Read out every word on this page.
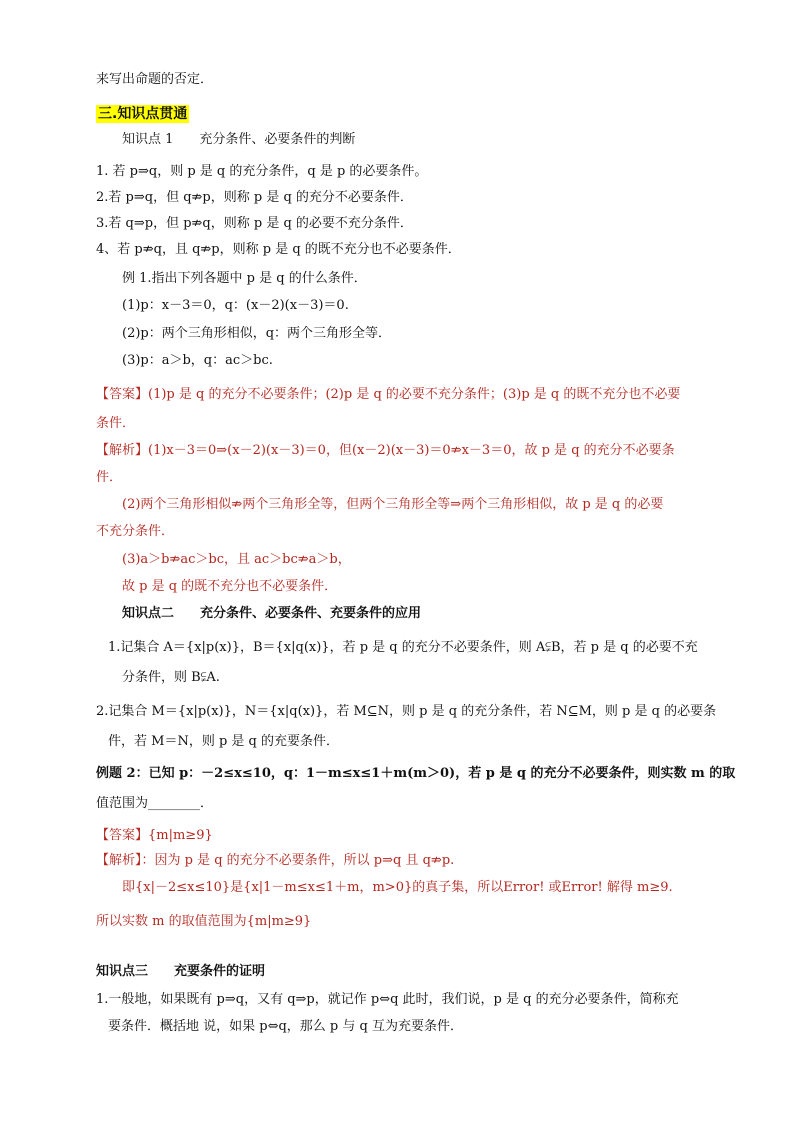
来写出命题的否定．
三.知识点贯通
知识点 1　　充分条件、必要条件的判断
1. 若 p⇒q，则 p 是 q 的充分条件，q 是 p 的必要条件。
2.若 p⇒q，但 q⇏p，则称 p 是 q 的充分不必要条件．
3.若 q⇒p，但 p⇏q，则称 p 是 q 的必要不充分条件．
4、若 p⇏q，且 q⇏p，则称 p 是 q 的既不充分也不必要条件．
例 1.指出下列各题中 p 是 q 的什么条件．
(1)p：x－3＝0，q：(x－2)(x－3)＝0.
(2)p：两个三角形相似，q：两个三角形全等．
(3)p：a＞b，q：ac＞bc.
【答案】(1)p 是 q 的充分不必要条件；(2)p 是 q 的必要不充分条件；(3)p 是 q 的既不充分也不必要
条件．
【解析】(1)x－3＝0⇒(x－2)(x－3)＝0，但(x－2)(x－3)＝0⇏x－3＝0，故 p 是 q 的充分不必要条
件．
(2)两个三角形相似⇏两个三角形全等，但两个三角形全等⇒两个三角形相似，故 p 是 q 的必要
不充分条件．
(3)a＞b⇏ac＞bc，且 ac＞bc⇏a＞b，
故 p 是 q 的既不充分也不必要条件．
知识点二　　充分条件、必要条件、充要条件的应用
1.记集合 A＝{x|p(x)}，B＝{x|q(x)}，若 p 是 q 的充分不必要条件，则 A⫋B，若 p 是 q 的必要不充
分条件，则 B⫋A.
2.记集合 M＝{x|p(x)}，N＝{x|q(x)}，若 M⊆N，则 p 是 q 的充分条件，若 N⊆M，则 p 是 q 的必要条
件，若 M＝N，则 p 是 q 的充要条件．
例题 2：已知 p：－2≤x≤10，q：1－m≤x≤1＋m(m＞0)，若 p 是 q 的充分不必要条件，则实数 m 的取
值范围为________．
【答案】{m|m≥9}
【解析】：因为 p 是 q 的充分不必要条件，所以 p⇒q 且 q⇏p.
即{x|－2≤x≤10}是{x|1－m≤x≤1＋m，m>0}的真子集，所以Error! 或Error! 解得 m≥9.
所以实数 m 的取值范围为{m|m≥9}
知识点三　　充要条件的证明
1.一般地，如果既有 p⇒q，又有 q⇒p，就记作 p⇔q 此时，我们说，p 是 q 的充分必要条件，简称充
要条件．概括地 说，如果 p⇔q，那么 p 与 q 互为充要条件．
